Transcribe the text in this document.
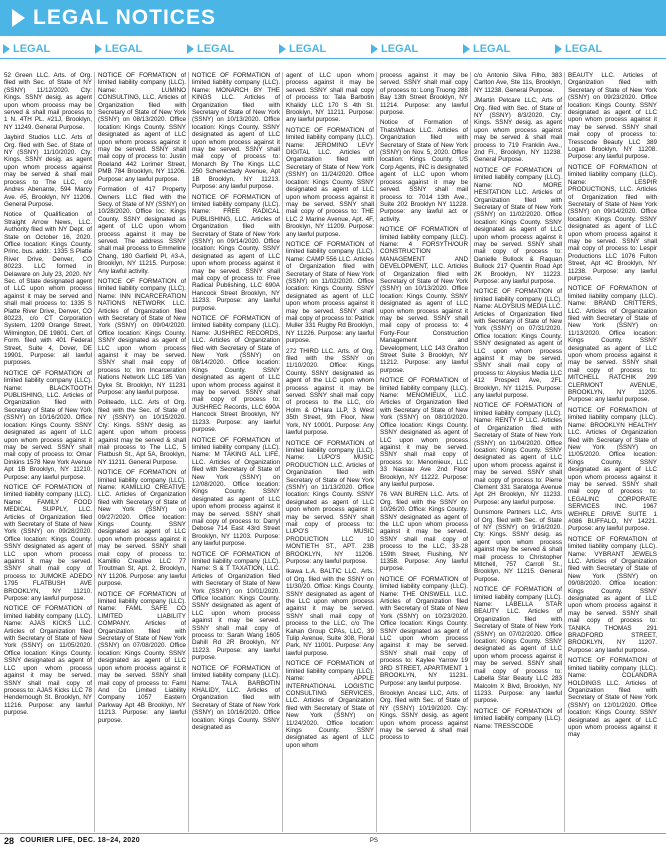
LEGAL NOTICES
LEGAL	LEGAL	LEGAL	LEGAL	LEGAL	LEGAL	LEGAL

52 Green LLC. Arts. of Org. filed with Sec. of State of NY (SSNY) 11/12/2020. Cty: Kings. SSNY desig. as agent upon whom process may be served & shall mail process to 1 N. 4TH PL. #21J, Brooklyn, NY 11249. General Purpose.

Jaybird Studios LLC. Arts of Org. filed with Sec. of State of NY (SSNY) 11/10/2020. Cty: Kings. SSNY desig. as agent upon whom process against may be served & shall mail process to The LLC, c/o Andres Abenante, 594 Marcy Ave. #5, Brooklyn, NY 11206. General Purpose.

Notice of Qualification of Straight Arrow News, LLC. Authority filed with NY Dept. of State on October 16, 2020. Office location: Kings County. Princ. bus. addr.: 1335 S Platte River Drive, Denver, CO 80223. LLC formed in Delaware on July 23, 2020. NY Sec. of State designated agent of LLC upon whom process against it may be served and shall mail process to: 1335 S Platte River Drive, Denver, CO 80223, c/o CT Corporation System, 1209 Orange Street, Wilmington, DE 19801. Cert. of Form. filed with 401 Federal Street, Suite 4, Dover, DE 19901. Purpose: all lawful purposes.

NOTICE OF FORMATION of limited liability company (LLC). Name: BLACKTOOTH PUBLISHING, LLC. Articles of Organization filed with Secretary of State of New York (SSNY) on 10/16/2020. Office location: Kings County. SSNY designated as agent of LLC upon whom process against it may be served. SSNY shall mail copy of process to: Omar Dinkins 1578 New York Avenue Apt 1B Brooklyn, NY 11210. Purpose: any lawful purpose.

NOTICE OF FORMATION of limited liability company (LLC). Name: FAMILY FOOD MEDICAL SUPPLY, LLC. Articles of Organization filed with Secretary of State of New York (SSNY) on 09/28/2020. Office location: Kings County. SSNY designated as agent of LLC upon whom process against it may be served. SSNY shall mail copy of process to: JUMOKE ADEDO 1795 FLATBUSH AVE BROOKLYN, NY 11210. Purpose: any lawful purpose.

NOTICE OF FORMATION of limited liability company (LLC). Name: AJAS KICKS LLC. Articles of Organization filed with Secretary of State of New York (SSNY) on 11/05/2020. Office location: Kings County. SSNY designated as agent of LLC upon whom process against it may be served. SSNY shall mail copy of process to: AJAS Kicks LLC 78 Hendernough St. Brooklyn, NY 11216. Purpose: any lawful purpose.

NOTICE OF FORMATION of limited liability company (LLC). Name: LUMINO CONSULTING, LLC. Articles of Organization filed with Secretary of State of New York (SSNY) on 08/13/2020. Office location: Kings County. SSNY designated as agent of LLC upon whom process against it may be served. SSNY shall mail copy of process to: Justin Roeland 442 Lorimer Street, PMB 784 Brooklyn, NY 11206. Purpose: any lawful purpose.

Formation of 417 Property Owners LLC filed with the Secy. of State of NY (SSNY) on 10/28/2020. Office loc: Kings County. SSNY designated as agent of LLC upon whom process against it may be served. The address SSNY shall mail process to Emmeline Chang, 180 Garfield Pl, #3-A, Brooklyn, NY 11215. Purpose: Any lawful activity.

NOTICE OF FORMATION of limited liability company (LLC). Name: INN INCARCERATION NATIONS NETWORK LLC. Articles of Organization filed with Secretary of State of New York (SSNY) on 09/04/2020. Office location: Kings County. SSNY designated as agent of LLC upon whom process against it may be served. SSNY shall mail copy of process to: Inn Incarceration Nations Network LLC 185 Van Dyke St. Brooklyn, NY 11231 Purpose: any lawful purpose.

Politeado, LLC. Arts of Org. filed with the Sec. of State of NY (SSNY) on 10/15/2020. Cty: Kings. SSNY desig. as agent upon whom process against may be served & shall mail process to The LLC, 5 Flatbush St., Apt 5A, Brooklyn, NY 11211. General Purpose.

NOTICE OF FORMATION of limited liability company (LLC). Name: KAMILLIO CREATIVE LLC. Articles of Organization filed with Secretary of State of New York (SSNY) on 09/27/2020. Office location: Kings County. SSNY designated as agent of LLC upon whom process against it may be served. SSNY shall mail copy of process to: Kamillio Creative LLC 77 Troutman St, Apt. 2, Brooklyn, NY 11206. Purpose: any lawful purpose.

NOTICE OF FORMATION of limited liability company (LLC). Name: FAML SAFE CO LIMITED LIABILITY COMPANY. Articles of Organization filed with Secretary of State of New York (SSNY) on 07/08/2020. Office location: Kings County. SSNY designated as agent of LLC upon whom process against it may be served. SSNY shall mail copy of process to: Faml And Co Limited Liability Company 1057 Eastern Parkway Apt 4B Brooklyn, NY 11213. Purpose: any lawful purpose.

NOTICE OF FORMATION of limited liability company (LLC). Name: MONARCH BY THE KINGS LLC. Articles of Organization filed with Secretary of State of New York (SSNY) on 10/13/2020. Office location: Kings County. SSNY designated as agent of LLC upon whom process against it may be served. SSNY shall mail copy of process to: Monarch By The Kings LLC 250 Schenectady Avenue, Apt 1B Brooklyn, NY 11213. Purpose: any lawful purpose.

NOTICE OF FORMATION of limited liability company (LLC). Name: FREE RADICAL PUBLISHING, LLC. Articles of Organization filed with Secretary of State of New York (SSNY) on 09/14/2020. Office location: Kings County. SSNY designated as agent of LLC upon whom process against it may be served. SSNY shall mail copy of process to: Free Radical Publishing, LLC 690A Hancock Street Brooklyn, NY 11233. Purpose: any lawful purpose.

NOTICE OF FORMATION of limited liability company (LLC). Name: JUSHREC RECORDS, LLC. Articles of Organization filed with Secretary of State of New York (SSNY) on 08/14/2020. Office location: Kings County. SSNY designated as agent of LLC upon whom process against it may be served. SSNY shall mail copy of process to: JUSHREC Records, LLC 690A Hancock Street Brooklyn, NY 11233. Purpose: any lawful purpose.

NOTICE OF FORMATION of limited liability company (LLC). Name: M TAKING ALL LIFE, LLC. Articles of Organization filed with Secretary of State of New York (SSNY) on 12/08/2020. Office location: Kings County. SSNY designated as agent of LLC upon whom process against it may be served. SSNY shall mail copy of process to: Darryl Debose 714 East 43rd Street Brooklyn, NY 11203. Purpose: any lawful purpose.

NOTICE OF FORMATION of limited liability company (LLC). Name: S & T TAXATION, LLC. Articles of Organization filed with Secretary of State of New York (SSNY) on 10/01/2020. Office location: Kings County. SSNY designated as agent of LLC upon whom process against it may be served. SSNY shall mail copy of process to: Sarah Wang 1605 Dahill Rd 2R Brooklyn, NY 11223. Purpose: any lawful purpose.

NOTICE OF FORMATION of limited liability company (LLC). Name: TALA BARBOTIN KHALIDY, LLC. Articles of Organization filed with Secretary of State of New York (SSNY) on 10/16/2020. Office location: Kings County. SSNY designated as

agent of LLC upon whom process against it may be served. SSNY shall mail copy of process to: Tala Barbotin Khalidy LLC 170 S 4th St. Brooklyn, NY 11211. Purpose: any lawful purpose.

NOTICE OF FORMATION of limited liability company (LLC). Name: JEROMINO LEVY DIGITAL LLC. Articles of Organization filed with Secretary of State of New York (SSNY) on 11/24/2020. Office location: Kings County. SSNY designated as agent of LLC upon whom process against it may be served. SSNY shall mail copy of process to: THE LLC 2 Marine Avenue, Apt. 4F, Brooklyn, NY 11209. Purpose: any lawful purpose.

NOTICE OF FORMATION of limited liability company (LLC). Name: CAMP 556 LLC. Articles of Organization filed with Secretary of State of New York (SSNY) on 11/02/2020. Office location: Kings County. SSNY designated as agent of LLC upon whom process against it may be served. SSNY shall mail copy of process to: Patrick Muller 331 Rugby Rd Brooklyn, NY 11226. Purpose: any lawful purpose.

272 THIRD LLC. Arts. of Org. filed with the SSNY on 11/10/2020. Office: Kings County. SSNY designated as agent of the LLC upon whom process against it may be served. SSNY shall mail copy of process to the LLC, c/o Holm & O'Hara LLP, 3 West 35th Street, 9th Floor, New York, NY 10001. Purpose: Any lawful purpose.

NOTICE OF FORMATION of limited liability company (LLC). Name: LUPO'S MUSIC PRODUCTION LLC. Articles of Organization filed with Secretary of State of New York (SSNY) on 11/13/2020. Office location: Kings County. SSNY designated as agent of LLC upon whom process against it may be served. SSNY shall mail copy of process to: LUPO'S MUSIC PRODUCTION LLC 10 MONTIETH ST., APT. 23B BROOKLYN, NY 11206. Purpose: any lawful purpose.

Ikawa L.A. BALTIC LLC. Arts. of Org. filed with the SSNY on 11/30/20. Office: Kings County. SSNY designated as agent of the LLC upon whom process against it may be served. SSNY shall mail copy of process to the LLC, c/o The Kahan Group CPAs, LLC, 39 Tulip Avenue, Suite 308, Floral Park, NY 11001. Purpose: Any lawful purpose.

NOTICE OF FORMATION of limited liability company (LLC). Name: APPLE INTERNATIONAL LOGISTIC CONSULTING SERVICES, LLC. Articles of Organization filed with Secretary of State of New York (SSNY) on 11/24/2020. Office location: Kings County. SSNY designated as agent of LLC upon whom

process against it may be served. SSNY shall mail copy of process to: Long Truong 288 Bay 13th Street Brooklyn, NY 11214. Purpose: any lawful purpose.

Notice of Formation of ThatsWhack LLC. Articles of Organization filed with Secretary of State of New York (SSNY) on Nov. 5, 2020. Office location: Kings County. US Corp Agents, INC is designated agent of LLC upon whom process against it may be served. SSNY shall mail process to: 7014 13th Ave., Suite 202 Brooklyn NY 11228. Purpose: any lawful act or activity.

NOTICE OF FORMATION of limited liability company (LLC). Name: 4 FORSYTH/OUR CONSTRUCTION MANAGEMENT AND DEVELOPMENT, LLC. Articles of Organization filed with Secretary of State of New York (SSNY) on 10/13/2020. Office location: Kings County. SSNY designated as agent of LLC upon whom process against it may be served. SSNY shall mail copy of process to: 4 Forty-Four Construction Management and Development, LLC 143 Grafton Street Suite 3 Brooklyn, NY 11212. Purpose: any lawful purpose.

NOTICE OF FORMATION of limited liability company (LLC). Name: MENOMIEUX, LLC. Articles of Organization filed with Secretary of State of New York (SSNY) on 08/10/2020. Office location: Kings County. SSNY designated as agent of LLC upon whom process against it may be served. SSNY shall mail copy of process to: Menomieux, LLC 33 Nassau Ave 2nd Floor Brooklyn, NY 11222. Purpose: any lawful purpose.

76 VAN BUREN LLC. Arts. of Org. filed with the SSNY on 10/26/20. Office: Kings County. SSNY designated as agent of the LLC upon whom process against it may be served. SSNY shall mail copy of process to the LLC, 33-28 159th Street, Flushing, NY 11358. Purpose: Any lawful purpose.

NOTICE OF FORMATION of limited liability company (LLC). Name: THE ONSWELL LLC. Articles of Organization filed with Secretary of State of New York (SSNY) on 10/23/2020. Office location: Kings County. SSNY designated as agent of LLC upon whom process against it may be served. SSNY shall mail copy of process to: Kaylee Yarrow 19 3RD STREET, APARTMENT 1 BROOKLYN, NY 11231. Purpose: any lawful purpose.

Brooklyn Ancasi LLC, Arts. of Org. filed with Sec. of State of NY (SSNY) 10/19/2020. Cty: Kings. SSNY desig. as agent upon whom process against may be served & shall mail process to

c/o Antonio Silva Filho, 383 Carlton Ave, Ste 11s, Brooklyn, NY 11238. General Purpose.

JMartin Petcare LLC, Arts of Org. filed with Sec. of State of NY (SSNY) 8/3/2020. Cty: Kings. SSNY desig. as agent upon whom process against may be served & shall mail process to 719 Franklin Ave., 2nd Fl., Brooklyn, NY 11238. General Purpose.

NOTICE OF FORMATION of limited liability company (LLC). Name: NO MORE HESITATION LLC. Articles of Organization filed with Secretary of State of New York (SSNY) on 11/02/2020. Office location: Kings County. SSNY designated as agent of LLC upon whom process against it may be served. SSNY shall mail copy of process to: Danielle Bullock & Raquan Bullock 217 Quentin Road Apt 2K Brooklyn, NY 11223. Purpose: any lawful purpose.

NOTICE OF FORMATION of limited liability company (LLC). Name: ALOYSIUS MEDIA LLC. Articles of Organization filed with Secretary of State of New York (SSNY) on 07/31/2020. Office location: Kings County. SSNY designated as agent of LLC upon whom process against it may be served. SSNY shall mail copy of process to: Aloysius Media LLC 412 Prospect Ave, 2FL Brooklyn, NY 11215. Purpose: any lawful purpose.

NOTICE OF FORMATION of limited liability company (LLC). Name: RENTY P LLC. Articles of Organization filed with Secretary of State of New York (SSNY) on 11/04/2020. Office location: Kings County. SSNY designated as agent of LLC upon whom process against it may be served. SSNY shall mail copy of process to: Pierre Clement 331 Saratoga Avenue Apt 2H Brooklyn, NY 11233. Purpose: any lawful purpose.

Dunsmore Partners LLC, Arts of Org. filed with Sec. of State of NY (SSNY) on 9/16/2020. Cty: Kings. SSNY desig. as agent upon whom process against may be served & shall mail process to Christopher Mitchell, 757 Carroll St., Brooklyn, NY 11215. General Purpose.

NOTICE OF FORMATION of limited liability company (LLC). Name: LABELLA STAR BEAUTY LLC. Articles of Organization filed with Secretary of State of New York (SSNY) on 07/02/2020. Office location: Kings County. SSNY designated as agent of LLC upon whom process against it may be served. SSNY shall mail copy of process to: Labella Star Beauty LLC 283 Malcolm X Blvd, Brooklyn, NY 11233. Purpose: any lawful purpose.

NOTICE OF FORMATION of limited liability company (LLC). Name: TRESSCODE

BEAUTY LLC. Articles of Organization filed with Secretary of State of New York (SSNY) on 09/23/2020. Office location: Kings County. SSNY designated as agent of LLC upon whom process against it may be served. SSNY shall mail copy of process to: Tresscode Beauty LLC 389 Logan Brooklyn, NY 11208. Purpose: any lawful purpose.

NOTICE OF FORMATION of limited liability company (LLC). Name: LESPIR PRODUCTIONS, LLC. Articles of Organization filed with Secretary of State of New York (SSNY) on 09/14/2020. Office location: Kings County. SSNY designated as agent of LLC upon whom process against it may be served. SSNY shall mail copy of process to: Lespir Productions LLC 1076 Fulton Street, Apt 4C Brooklyn, NY 11238. Purpose: any lawful purpose.

NOTICE OF FORMATION of limited liability company (LLC). Name: BRAND CRITTERS, LLC. Articles of Organization filed with Secretary of State of New York (SSNY) on 11/13/2020. Office location: Kings County. SSNY designated as agent of LLC upon whom process against it may be served. SSNY shall mail copy of process to: MITCHELL RATCHIK 299 CLERMONT AVENUE, BROOKLYN, NY 11205. Purpose: any lawful purpose.

NOTICE OF FORMATION of limited liability company (LLC). Name: BROOKLYN HEALTHY LLC. Articles of Organization filed with Secretary of State of New York (SSNY) on 11/05/2020. Office location: Kings County. SSNY designated as agent of LLC upon whom process against it may be served. SSNY shall mail copy of process to: LEGALINC CORPORATE SERVICES INC. 1967 WEHRLE DRIVE SUITE 1 #086 BUFFALO, NY 14221. Purpose: any lawful purpose.

NOTICE OF FORMATION of limited liability company (LLC). Name: VYBRANT JEWELS LLC. Articles of Organization filed with Secretary of State of New York (SSNY) on 09/08/2020. Office location: Kings County. SSNY designated as agent of LLC upon whom process against it may be served. SSNY shall mail copy of process to: TANIKA THOMAS 291 BRADFORD STREET, BROOKLYN, NY 11207. Purpose: any lawful purpose.

NOTICE OF FORMATION of limited liability company (LLC). Name: COLANDRA HOLDINGS LLC. Articles of Organization filed with Secretary of State of New York (SSNY) on 12/01/2020. Office location: Kings County. SSNY designated as agent of LLC upon whom process against it may

28 COURIER LIFE, DEC. 18–24, 2020	PS
